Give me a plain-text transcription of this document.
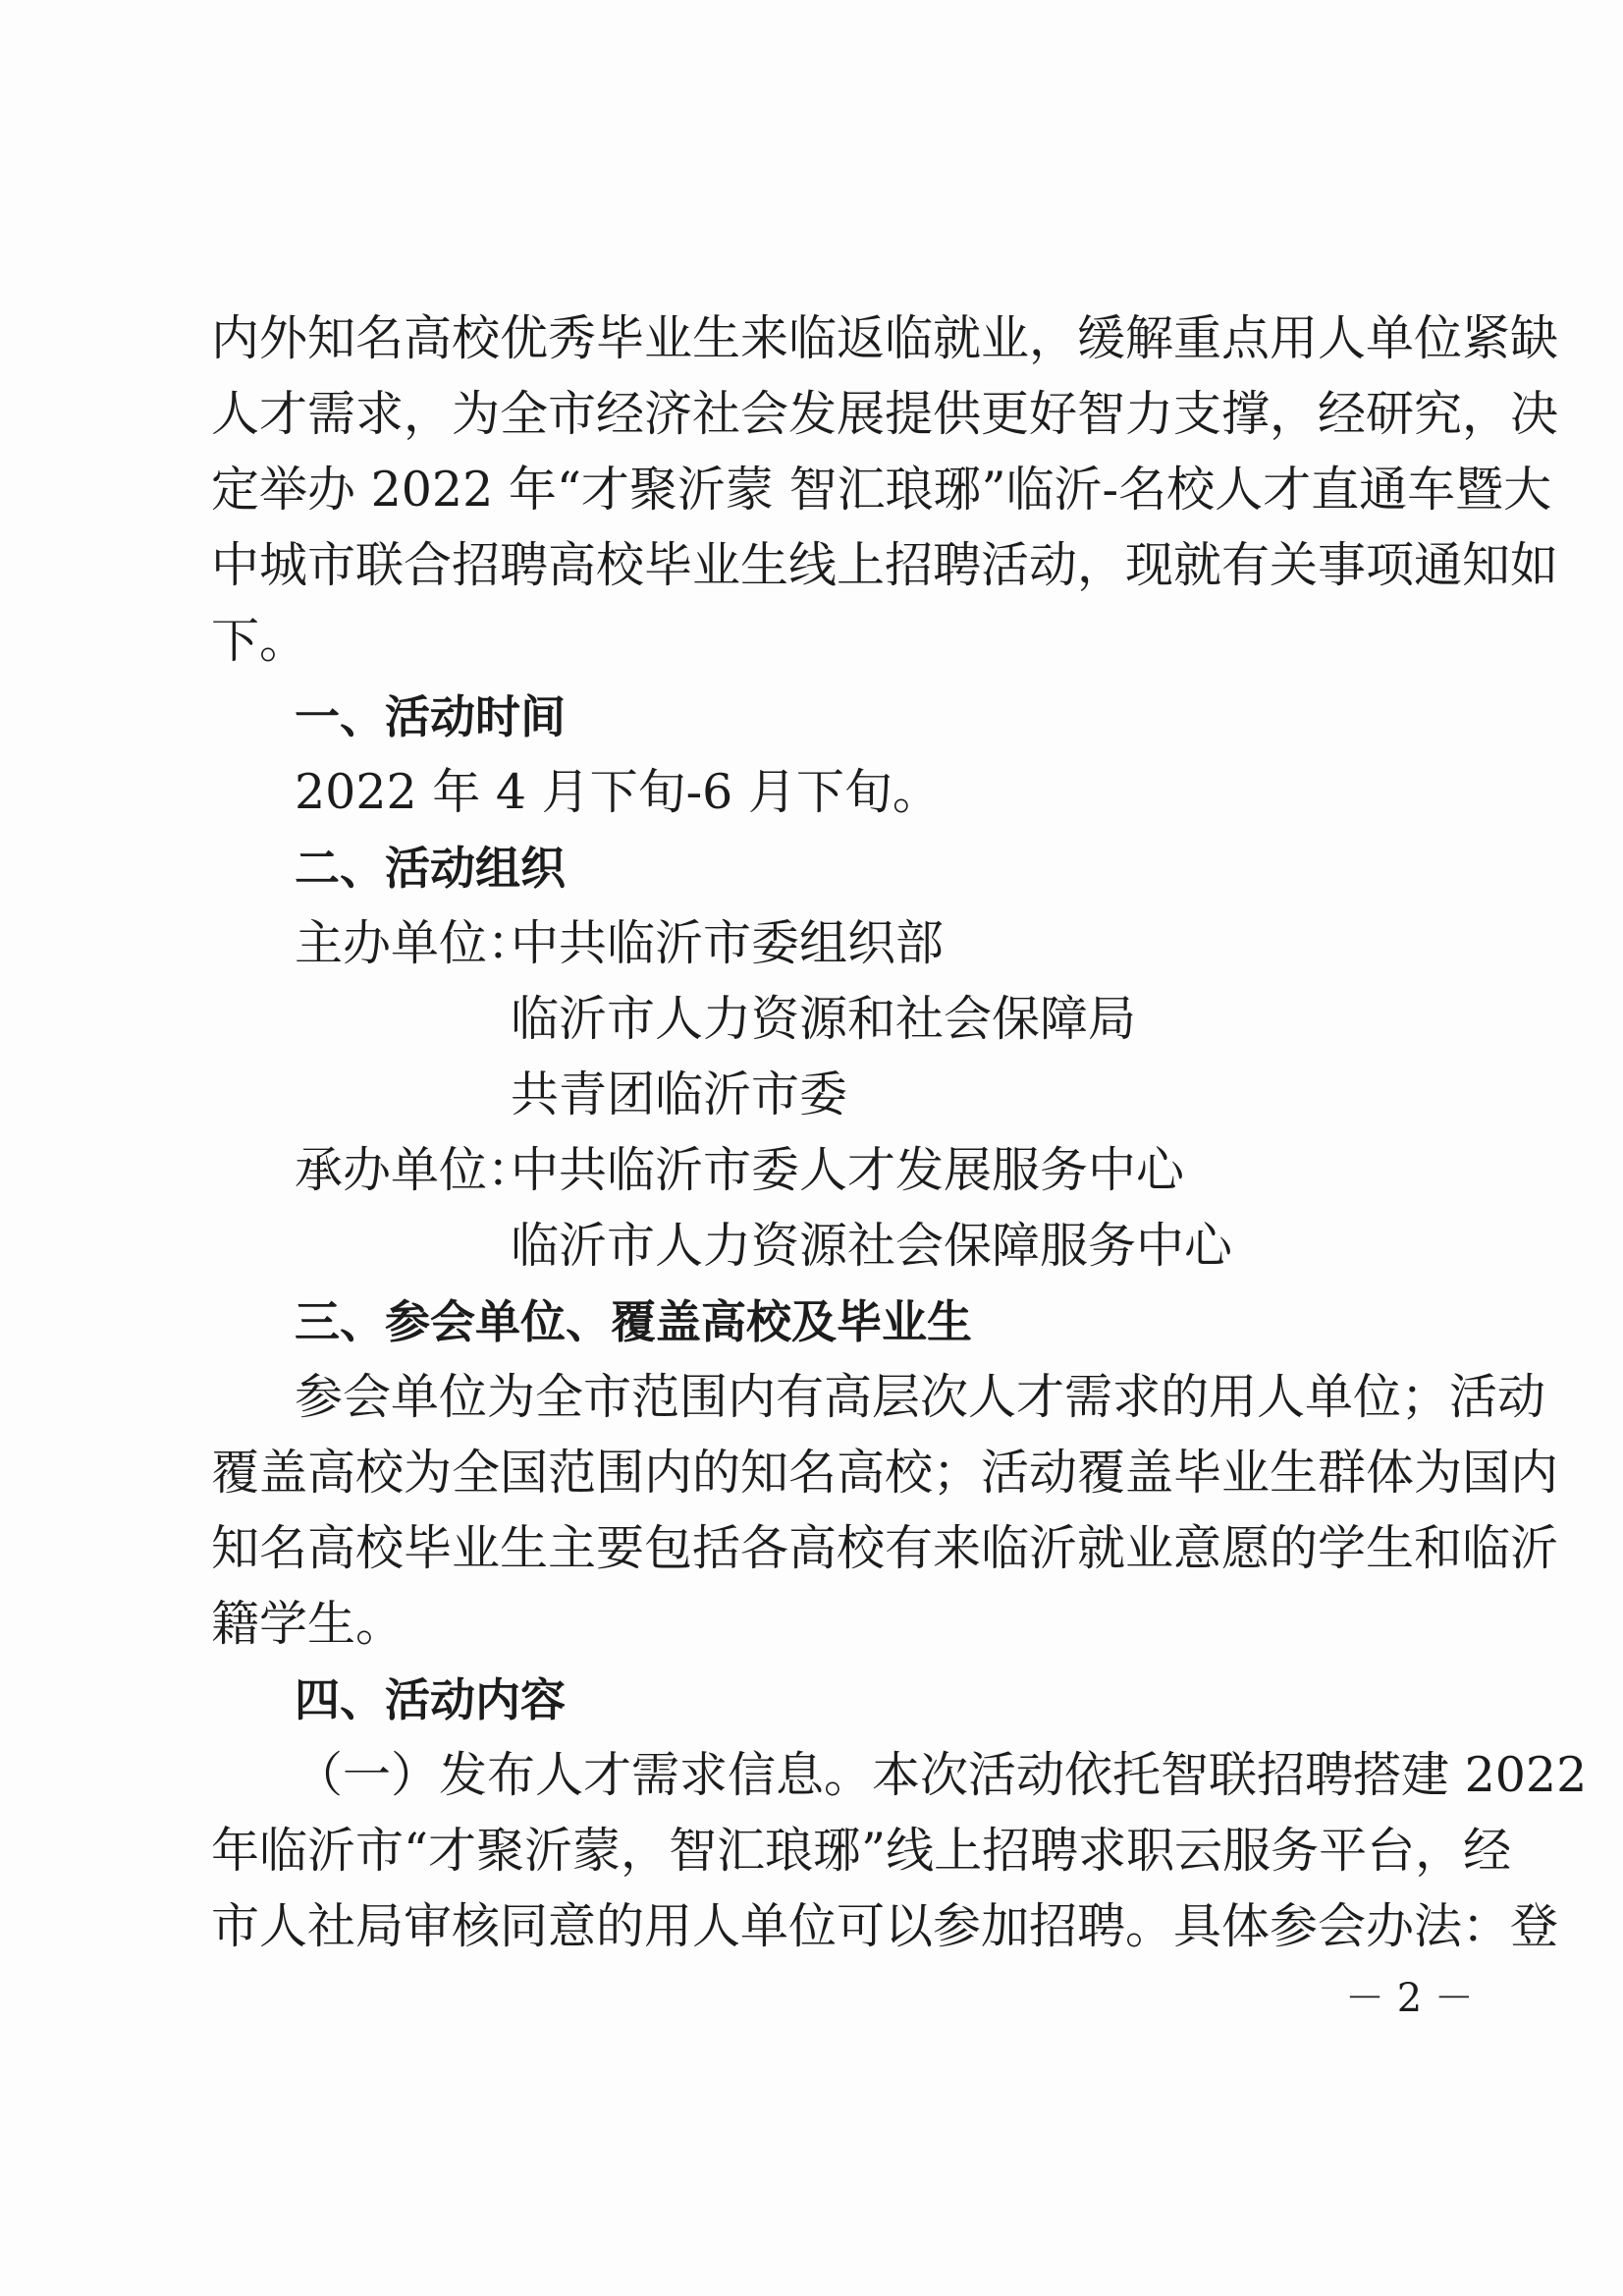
内外知名高校优秀毕业生来临返临就业，缓解重点用人单位紧缺
人才需求，为全市经济社会发展提供更好智力支撑，经研究，决
定举办 2022 年“才聚沂蒙 智汇琅琊”临沂-名校人才直通车暨大
中城市联合招聘高校毕业生线上招聘活动，现就有关事项通知如
下。
一、活动时间
2022 年 4 月下旬-6 月下旬。
二、活动组织
主办单位：
中共临沂市委组织部
临沂市人力资源和社会保障局
共青团临沂市委
承办单位：
中共临沂市委人才发展服务中心
临沂市人力资源社会保障服务中心
三、参会单位、覆盖高校及毕业生
参会单位为全市范围内有高层次人才需求的用人单位；活动
覆盖高校为全国范围内的知名高校；活动覆盖毕业生群体为国内
知名高校毕业生主要包括各高校有来临沂就业意愿的学生和临沂
籍学生。
四、活动内容
（一）发布人才需求信息。本次活动依托智联招聘搭建 2022
年临沂市“才聚沂蒙，智汇琅琊”线上招聘求职云服务平台，经
市人社局审核同意的用人单位可以参加招聘。具体参会办法：登
－ 2 －
